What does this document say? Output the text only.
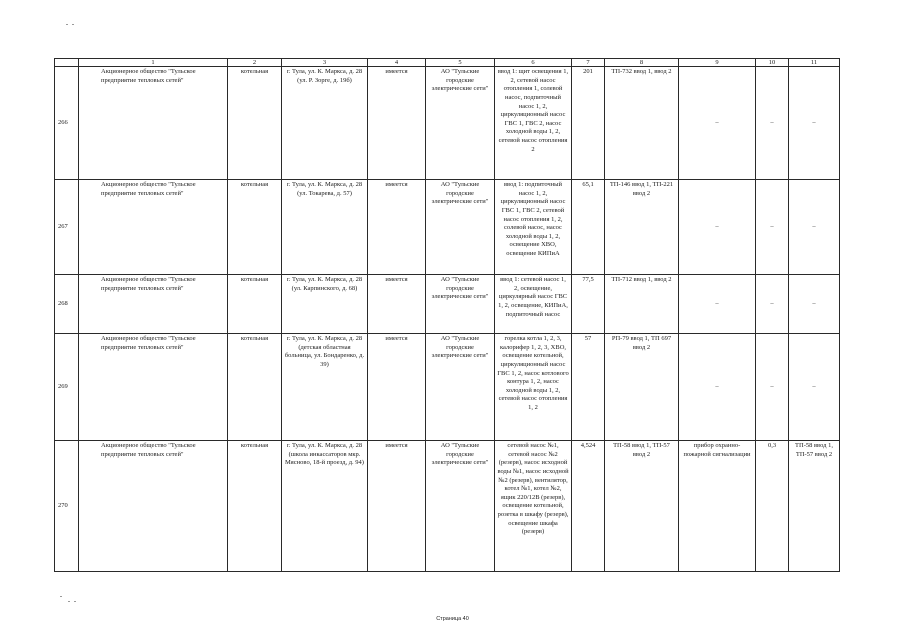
	1	2	3	4	5	6	7	8	9	10	11
266	Акционерное общество "Тульское предприятие тепловых сетей"	котельная	г. Тула, ул. К. Маркса, д. 28 (ул. Р. Зорге, д. 19б)	имеется	АО "Тульские городские электрические сети"	ввод 1: щит освещения 1, 2, сетевой насос отопления 1, солевой насос, подпиточный насос 1, 2, циркуляционный насос ГВС 1, ГВС 2, насос холодной воды 1, 2, сетевой насос отопления 2	201	ТП-732 ввод 1, ввод 2	–	–	–
267	Акционерное общество "Тульское предприятие тепловых сетей"	котельная	г. Тула, ул. К. Маркса, д. 28 (ул. Токарева, д. 57)	имеется	АО "Тульские городские электрические сети"	ввод 1: подпиточный насос 1, 2, циркуляционный насос ГВС 1, ГВС 2, сетевой насос отопления 1, 2, солевой насос, насос холодной воды 1, 2, освещение ХВО, освещение КИПиА	65,1	ТП-146 ввод 1, ТП-221 ввод 2	–	–	–
268	Акционерное общество "Тульское предприятие тепловых сетей"	котельная	г. Тула, ул. К. Маркса, д. 28 (ул. Карпинского, д. 68)	имеется	АО "Тульские городские электрические сети"	ввод 1: сетевой насос 1, 2, освещение, циркулярный насос ГВС 1, 2, освещение, КИПиА, подпиточный насос	77,5	ТП-712 ввод 1, ввод 2	–	–	–
269	Акционерное общество "Тульское предприятие тепловых сетей"	котельная	г. Тула, ул. К. Маркса, д. 28 (детская областная больница, ул. Бондаренко, д. 39)	имеется	АО "Тульские городские электрические сети"	горелка котла 1, 2, 3, калорифер 1, 2, 3, ХВО, освещение котельной, циркуляционный насос ГВС 1, 2, насос котлового контура 1, 2, насос холодной воды 1, 2, сетевой насос отопления 1, 2	57	РП-79 ввод 1, ТП 697 ввод 2	–	–	–
270	Акционерное общество "Тульское предприятие тепловых сетей"	котельная	г. Тула, ул. К. Маркса, д. 28 (школа инкассаторов мкр. Мясново, 18-й проезд, д. 94)	имеется	АО "Тульские городские электрические сети"	сетевой насос №1, сетевой насос №2 (резерв), насос исходной воды №1, насос исходной №2 (резерв), вентилятор, котел №1, котел №2, ящик 220/12В (резерв), освещение котельной, розетка в шкафу (резерв), освещение шкафа (резерв)	4,524	ТП-58 ввод 1, ТП-57 ввод 2	прибор охранно-пожарной сигнализации	0,3	ТП-58 ввод 1, ТП-57 ввод 2
Страница 40
